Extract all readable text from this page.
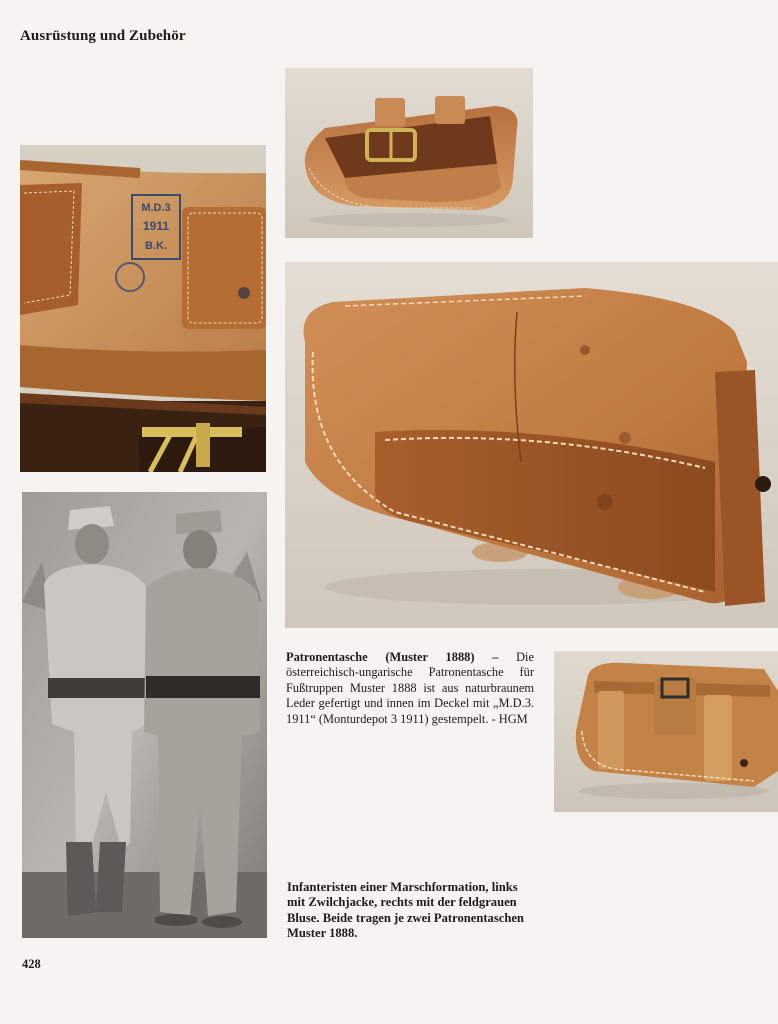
Ausrüstung und Zubehör
M.D.3
1911
B.K.
Patronentasche (Muster 1888) – Die österreichisch-ungarische Patronentasche für Fußtruppen Muster 1888 ist aus naturbraunem Leder gefertigt und innen im Deckel mit „M.D.3. 1911“ (Monturdepot 3 1911) gestempelt. - HGM
Infanteristen einer Marschformation, links mit Zwilchjacke, rechts mit der feldgrauen Bluse. Beide tragen je zwei Patronentaschen Muster 1888.
428
